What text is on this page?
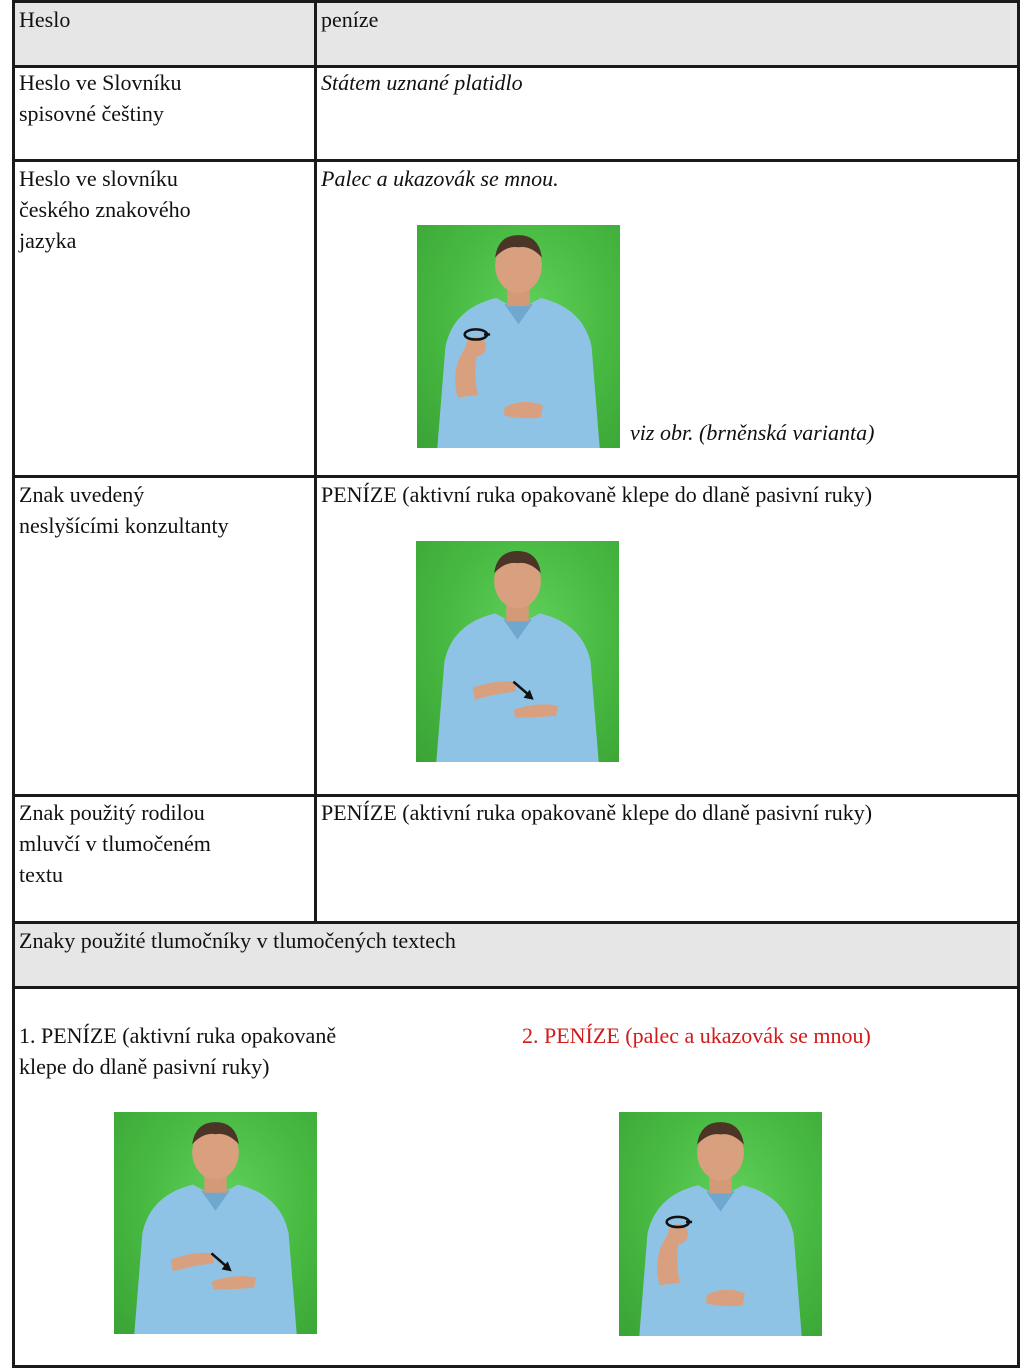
Heslo	peníze
Heslo ve Slovníku
spisovné češtiny
Státem uznané platidlo
Heslo ve slovníku
českého znakového
jazyka
Palec a ukazovák se mnou.
viz obr. (brněnská varianta)
Znak uvedený
neslyšícími konzultanty
PENÍZE (aktivní ruka opakovaně klepe do dlaně pasivní ruky)
Znak použitý rodilou
mluvčí v tlumočeném
textu
PENÍZE (aktivní ruka opakovaně klepe do dlaně pasivní ruky)
Znaky použité tlumočníky v tlumočených textech
1. PENÍZE (aktivní ruka opakovaně
klepe do dlaně pasivní ruky)
2. PENÍZE (palec a ukazovák se mnou)
